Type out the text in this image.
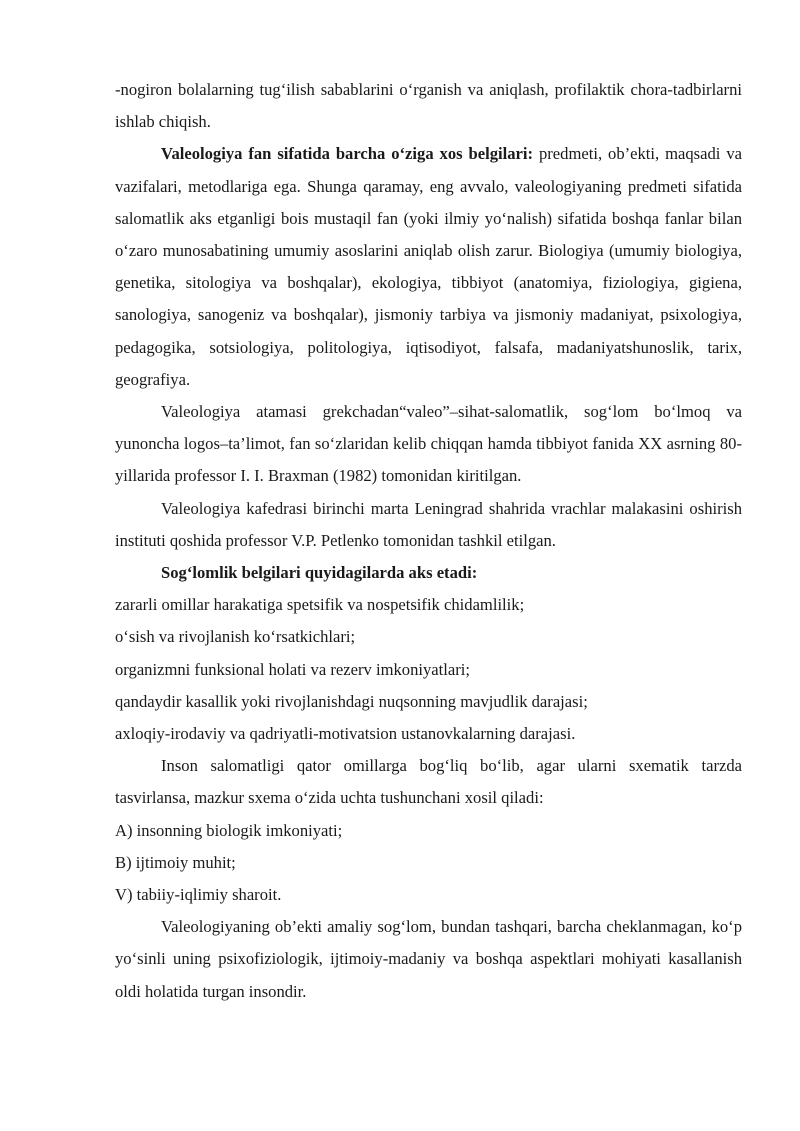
-nogiron bolalarning tug‘ilish sabablarini o‘rganish va aniqlash, profilaktik chora-tadbirlarni ishlab chiqish.

Valeologiya fan sifatida barcha o‘ziga xos belgilari: predmeti, ob’ekti, maqsadi va vazifalari, metodlariga ega. Shunga qaramay, eng avvalo, valeologiyaning predmeti sifatida salomatlik aks etganligi bois mustaqil fan (yoki ilmiy yo‘nalish) sifatida boshqa fanlar bilan o‘zaro munosabatining umumiy asoslarini aniqlab olish zarur. Biologiya (umumiy biologiya, genetika, sitologiya va boshqalar), ekologiya, tibbiyot (anatomiya, fiziologiya, gigiena, sanologiya, sanogeniz va boshqalar), jismoniy tarbiya va jismoniy madaniyat, psixologiya, pedagogika, sotsiologiya, politologiya, iqtisodiyot, falsafa, madaniyatshunoslik, tarix, geografiya.

Valeologiya atamasi grekchadan“valeo”–sihat-salomatlik, sog‘lom bo‘lmoq va yunoncha logos–ta’limot, fan so‘zlaridan kelib chiqqan hamda tibbiyot fanida XX asrning 80-yillarida professor I. I. Braxman (1982) tomonidan kiritilgan.

Valeologiya kafedrasi birinchi marta Leningrad shahrida vrachlar malakasini oshirish instituti qoshida professor V.P. Petlenko tomonidan tashkil etilgan.

Sog‘lomlik belgilari quyidagilarda aks etadi:

zararli omillar harakatiga spetsifik va nospetsifik chidamlilik;

o‘sish va rivojlanish ko‘rsatkichlari;

organizmni funksional holati va rezerv imkoniyatlari;

qandaydir kasallik yoki rivojlanishdagi nuqsonning mavjudlik darajasi;

axloqiy-irodaviy va qadriyatli-motivatsion ustanovkalarning darajasi.

Inson salomatligi qator omillarga bog‘liq bo‘lib, agar ularni sxematik tarzda tasvirlansa, mazkur sxema o‘zida uchta tushunchani xosil qiladi:

A) insonning biologik imkoniyati;

B) ijtimoiy muhit;

V) tabiiy-iqlimiy sharoit.

Valeologiyaning ob’ekti amaliy sog‘lom, bundan tashqari, barcha cheklanmagan, ko‘p yo‘sinli uning psixofiziologik, ijtimoiy-madaniy va boshqa aspektlari mohiyati kasallanish oldi holatida turgan insondir.
